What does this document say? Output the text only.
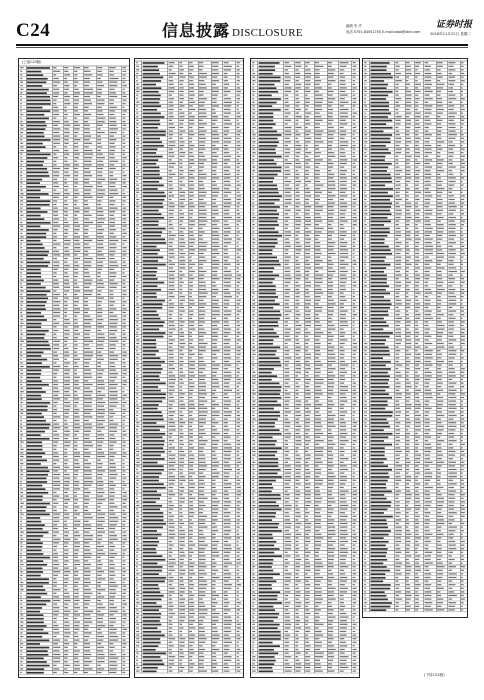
C24	信息披露 DISCLOSURE
编辑 朱 淳
电话 0755-83501750 E-mail:zqsb@stcn.com
证券时报
2016年11月22日 星期二
(上接C23版)
(下转C25版)
